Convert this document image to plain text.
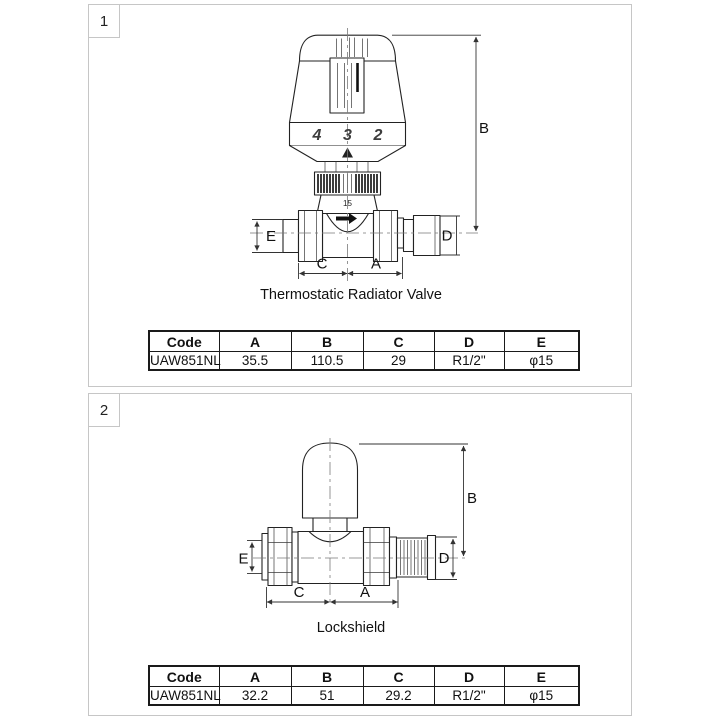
1
15
4 3 2	B
D
E
C	A
Thermostatic Radiator Valve
Code	A	B	C	D	E
UAW851NL	35.5	110.5	29	R1/2"	φ15
2
B
D
E
C	A
Lockshield
Code	A	B	C	D	E
UAW851NL	32.2	51	29.2	R1/2"	φ15
